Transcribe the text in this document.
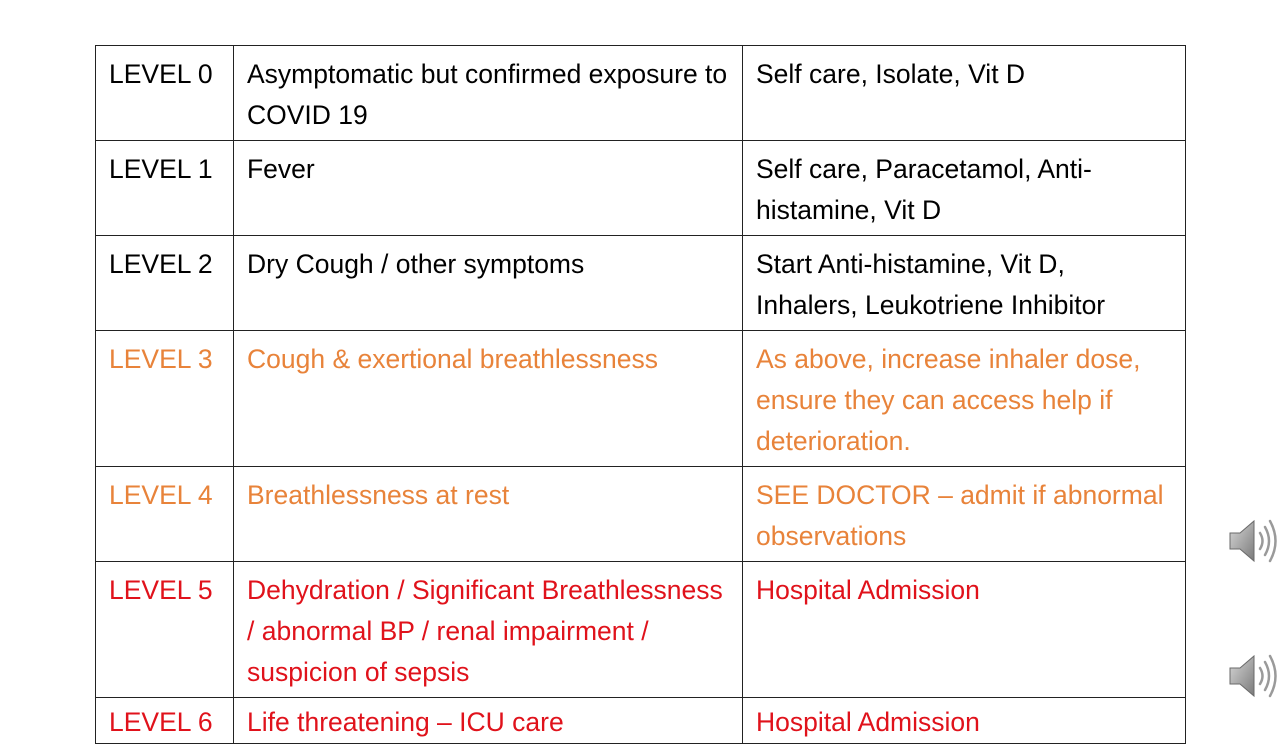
LEVEL 0	Asymptomatic but confirmed exposure to COVID 19	Self care, Isolate, Vit D
LEVEL 1	Fever	Self care, Paracetamol, Anti-histamine, Vit D
LEVEL 2	Dry Cough / other symptoms	Start Anti-histamine, Vit D, Inhalers, Leukotriene Inhibitor
LEVEL 3	Cough & exertional breathlessness	As above, increase inhaler dose, ensure they can access help if deterioration.
LEVEL 4	Breathlessness at rest	SEE DOCTOR – admit if abnormal observations
LEVEL 5	Dehydration / Significant Breathlessness / abnormal BP / renal impairment / suspicion of sepsis	Hospital Admission
LEVEL 6	Life threatening – ICU care	Hospital Admission
